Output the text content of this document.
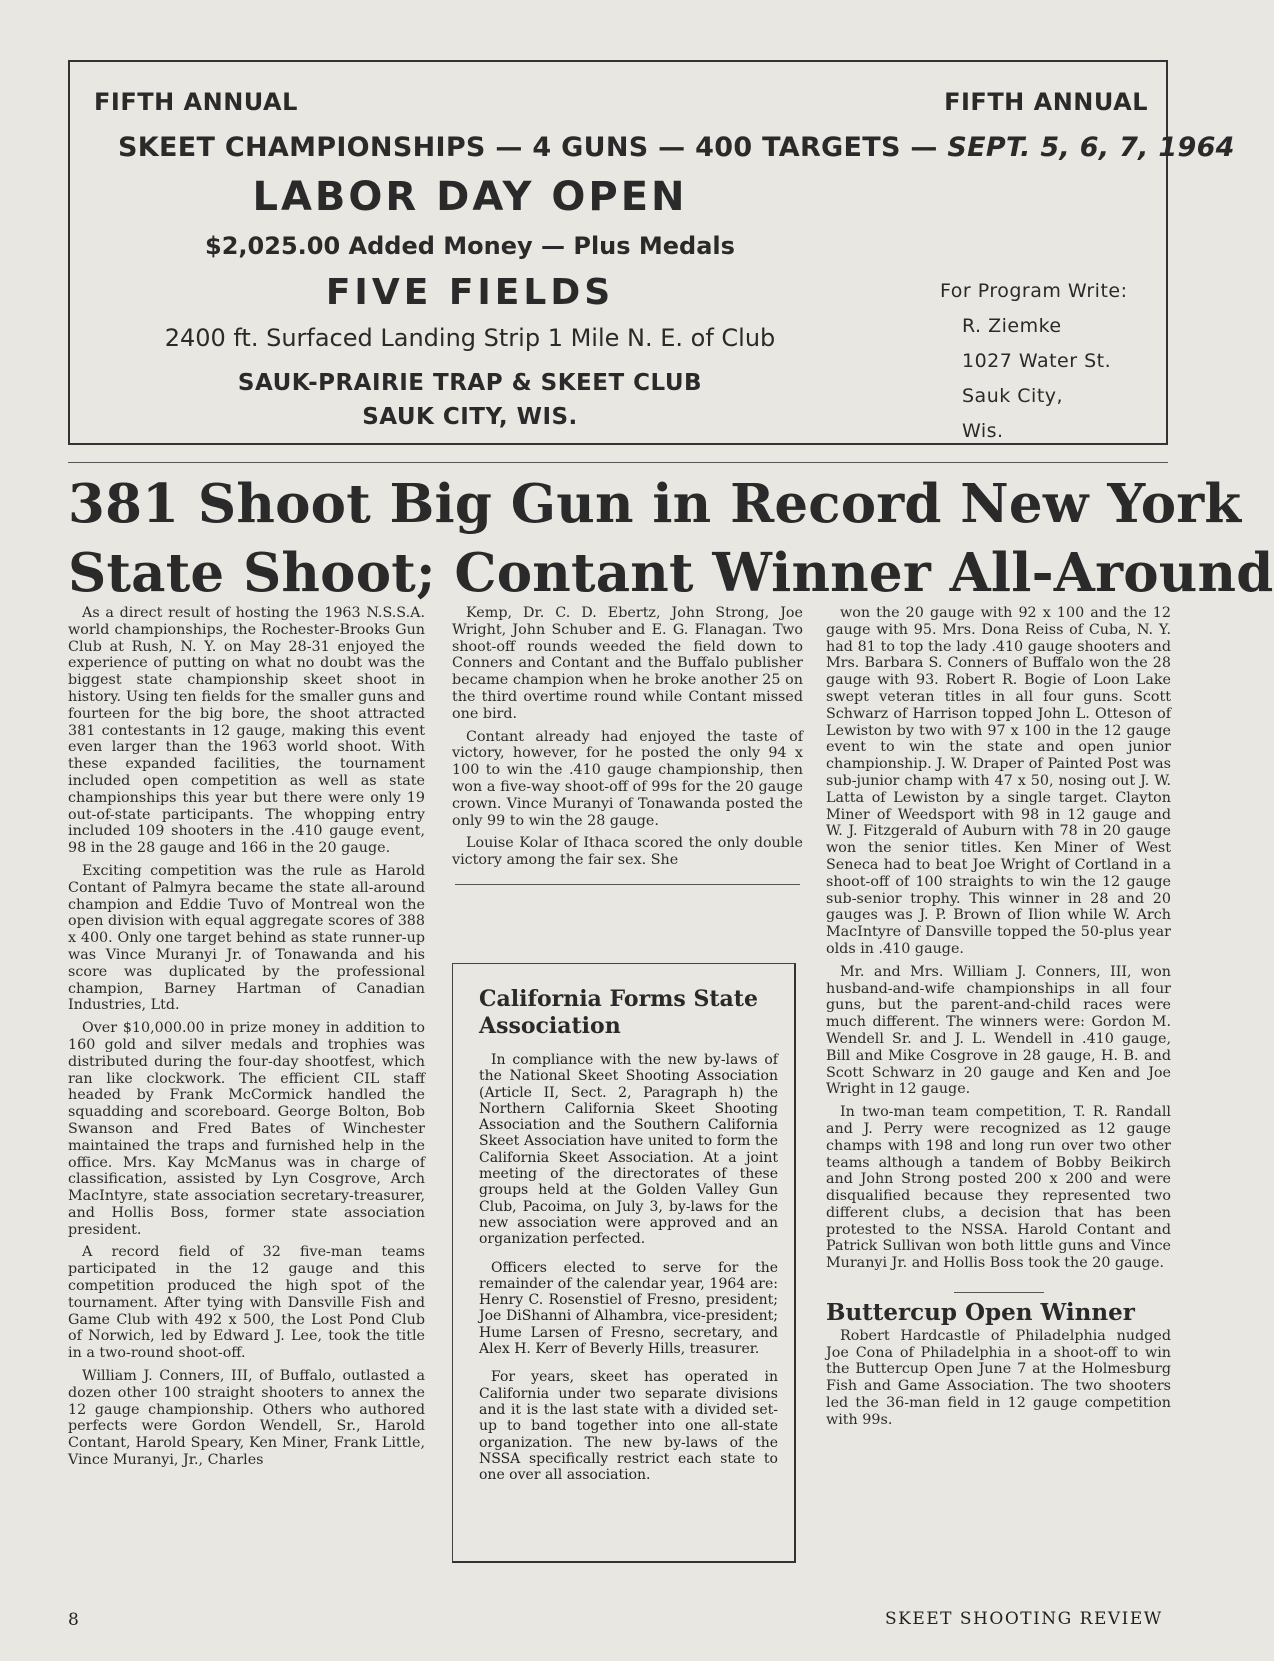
FIFTH ANNUAL	FIFTH ANNUAL
SKEET CHAMPIONSHIPS — 4 GUNS — 400 TARGETS — SEPT. 5, 6, 7, 1964
LABOR DAY OPEN
$2,025.00 Added Money — Plus Medals
FIVE FIELDS
2400 ft. Surfaced Landing Strip 1 Mile N. E. of Club
SAUK-PRAIRIE TRAP & SKEET CLUB
SAUK CITY, WIS.
For Program Write:
R. Ziemke
1027 Water St.
Sauk City,
Wis.
381 Shoot Big Gun in Record New York
State Shoot; Contant Winner All-Around

As a direct result of hosting the 1963 N.S.S.A. world championships, the Rochester-Brooks Gun Club at Rush, N. Y. on May 28-31 enjoyed the experience of putting on what no doubt was the biggest state championship skeet shoot in history. Using ten fields for the smaller guns and fourteen for the big bore, the shoot attracted 381 contestants in 12 gauge, making this event even larger than the 1963 world shoot. With these expanded facilities, the tournament included open competition as well as state championships this year but there were only 19 out-of-state participants. The whopping entry included 109 shooters in the .410 gauge event, 98 in the 28 gauge and 166 in the 20 gauge.

Exciting competition was the rule as Harold Contant of Palmyra became the state all-around champion and Eddie Tuvo of Montreal won the open division with equal aggregate scores of 388 x 400. Only one target behind as state runner-up was Vince Muranyi Jr. of Tonawanda and his score was duplicated by the professional champion, Barney Hartman of Canadian Industries, Ltd.

Over $10,000.00 in prize money in addition to 160 gold and silver medals and trophies was distributed during the four-day shootfest, which ran like clockwork. The efficient CIL staff headed by Frank McCormick handled the squadding and scoreboard. George Bolton, Bob Swanson and Fred Bates of Winchester maintained the traps and furnished help in the office. Mrs. Kay McManus was in charge of classification, assisted by Lyn Cosgrove, Arch MacIntyre, state association secretary-treasurer, and Hollis Boss, former state association president.

A record field of 32 five-man teams participated in the 12 gauge and this competition produced the high spot of the tournament. After tying with Dansville Fish and Game Club with 492 x 500, the Lost Pond Club of Norwich, led by Edward J. Lee, took the title in a two-round shoot-off.

William J. Conners, III, of Buffalo, outlasted a dozen other 100 straight shooters to annex the 12 gauge championship. Others who authored perfects were Gordon Wendell, Sr., Harold Contant, Harold Speary, Ken Miner, Frank Little, Vince Muranyi, Jr., Charles

Kemp, Dr. C. D. Ebertz, John Strong, Joe Wright, John Schuber and E. G. Flanagan. Two shoot-off rounds weeded the field down to Conners and Contant and the Buffalo publisher became champion when he broke another 25 on the third overtime round while Contant missed one bird.

Contant already had enjoyed the taste of victory, however, for he posted the only 94 x 100 to win the .410 gauge championship, then won a five-way shoot-off of 99s for the 20 gauge crown. Vince Muranyi of Tonawanda posted the only 99 to win the 28 gauge.

Louise Kolar of Ithaca scored the only double victory among the fair sex. She

California Forms State Association

In compliance with the new by-laws of the National Skeet Shooting Association (Article II, Sect. 2, Paragraph h) the Northern California Skeet Shooting Association and the Southern California Skeet Association have united to form the California Skeet Association. At a joint meeting of the directorates of these groups held at the Golden Valley Gun Club, Pacoima, on July 3, by-laws for the new association were approved and an organization perfected.

Officers elected to serve for the remainder of the calendar year, 1964 are: Henry C. Rosenstiel of Fresno, president; Joe DiShanni of Alhambra, vice-president; Hume Larsen of Fresno, secretary, and Alex H. Kerr of Beverly Hills, treasurer.

For years, skeet has operated in California under two separate divisions and it is the last state with a divided set-up to band together into one all-state organization. The new by-laws of the NSSA specifically restrict each state to one over all association.

won the 20 gauge with 92 x 100 and the 12 gauge with 95. Mrs. Dona Reiss of Cuba, N. Y. had 81 to top the lady .410 gauge shooters and Mrs. Barbara S. Conners of Buffalo won the 28 gauge with 93. Robert R. Bogie of Loon Lake swept veteran titles in all four guns. Scott Schwarz of Harrison topped John L. Otteson of Lewiston by two with 97 x 100 in the 12 gauge event to win the state and open junior championship. J. W. Draper of Painted Post was sub-junior champ with 47 x 50, nosing out J. W. Latta of Lewiston by a single target. Clayton Miner of Weedsport with 98 in 12 gauge and W. J. Fitzgerald of Auburn with 78 in 20 gauge won the senior titles. Ken Miner of West Seneca had to beat Joe Wright of Cortland in a shoot-off of 100 straights to win the 12 gauge sub-senior trophy. This winner in 28 and 20 gauges was J. P. Brown of Ilion while W. Arch MacIntyre of Dansville topped the 50-plus year olds in .410 gauge.

Mr. and Mrs. William J. Conners, III, won husband-and-wife championships in all four guns, but the parent-and-child races were much different. The winners were: Gordon M. Wendell Sr. and J. L. Wendell in .410 gauge, Bill and Mike Cosgrove in 28 gauge, H. B. and Scott Schwarz in 20 gauge and Ken and Joe Wright in 12 gauge.

In two-man team competition, T. R. Randall and J. Perry were recognized as 12 gauge champs with 198 and long run over two other teams although a tandem of Bobby Beikirch and John Strong posted 200 x 200 and were disqualified because they represented two different clubs, a decision that has been protested to the NSSA. Harold Contant and Patrick Sullivan won both little guns and Vince Muranyi Jr. and Hollis Boss took the 20 gauge.

Buttercup Open Winner

Robert Hardcastle of Philadelphia nudged Joe Cona of Philadelphia in a shoot-off to win the Buttercup Open June 7 at the Holmesburg Fish and Game Association. The two shooters led the 36-man field in 12 gauge competition with 99s.

8	SKEET SHOOTING REVIEW
